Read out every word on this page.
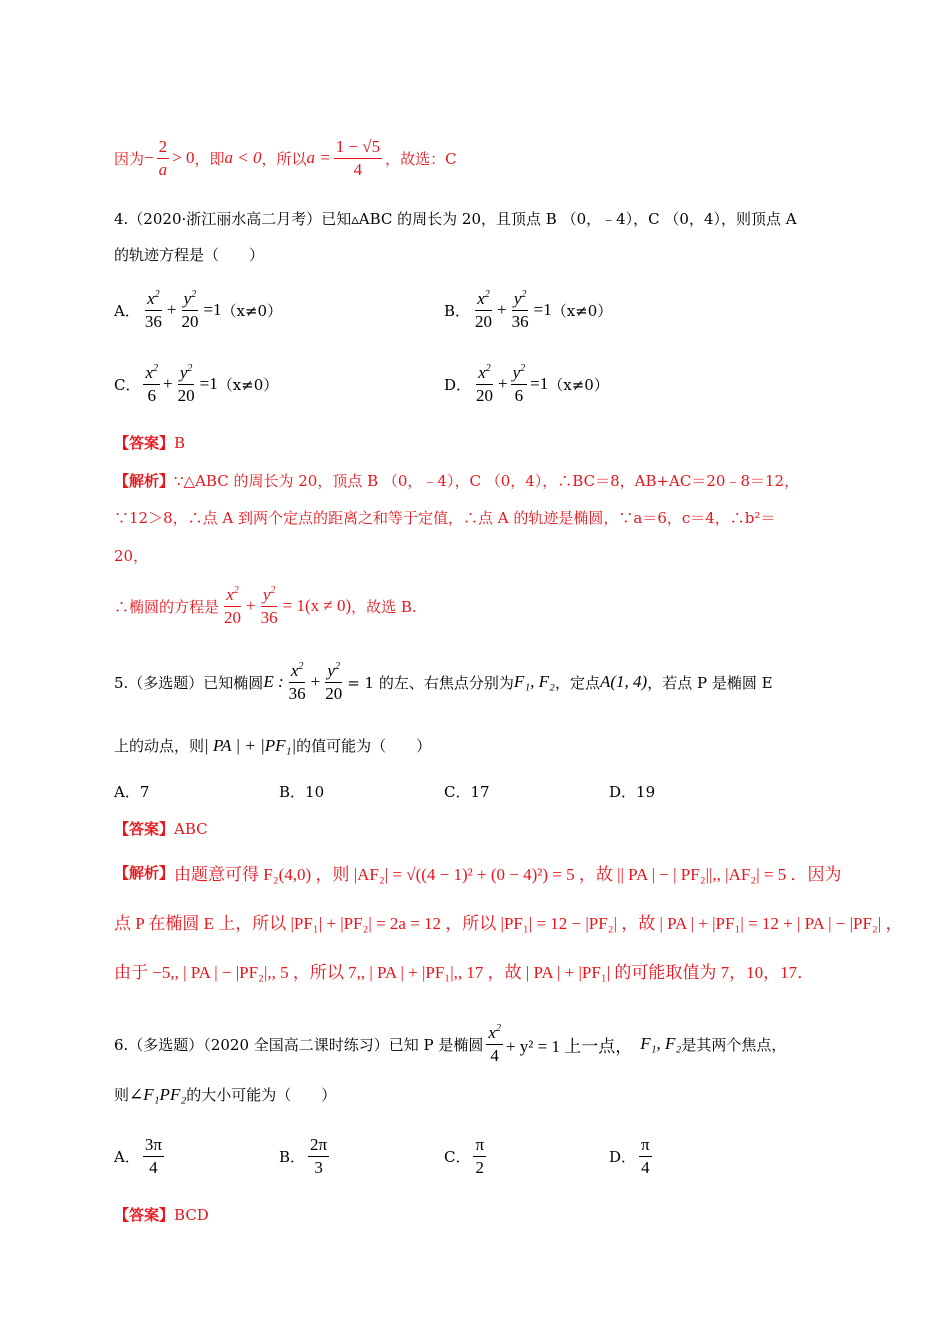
因为 − $\frac{2}{a} > 0$ ，即 a < 0 ，所以 $a = \frac{1 - √5}{4}$ ，故选：C
4.（2020·浙江丽水高二月考）已知▵ABC 的周长为 20，且顶点 B （0，﹣4），C （0，4），则顶点 A
的轨迹方程是（　　）
A． $\frac{x^2}{36} + \frac{y^2}{20} =1$ （x≠0）	B． $\frac{x^2}{20} + \frac{y^2}{36} =1$ （x≠0）
C． $\frac{x^2}{6} + \frac{y^2}{20} =1$ （x≠0）	D． $\frac{x^2}{20} + \frac{y^2}{6} =1$ （x≠0）
【答案】 B
【解析】 ∵△ABC 的周长为 20，顶点 B （0，﹣4），C （0，4），∴BC＝8，AB+AC＝20﹣8＝12，
∵12＞8，∴点 A 到两个定点的距离之和等于定值，∴点 A 的轨迹是椭圆，∵a＝6，c＝4，∴b²＝
20，
∴椭圆的方程是 $\frac{x^2}{20} + \frac{y^2}{36} = 1(x \ne 0)$ ，故选 B.
5.（多选题）已知椭圆 E : $\frac{x^2}{36} + \frac{y^2}{20} = 1$ 的左、右焦点分别为 F₁, F₂ ，定点 A(1, 4) ，若点 P 是椭圆 E
上的动点，则 | PA | + |PF₁| 的值可能为（　　）
A．7	B．10	C．17	D．19
【答案】 ABC
【解析】 由题意可得 F₂(4,0) ，则 |AF₂| = √((4 − 1)² + (0 − 4)²) = 5 ，故 || PA | − | PF₂||,, |AF₂| = 5 ．因为
点 P 在椭圆 E 上，所以 |PF₁| + |PF₂| = 2a = 12 ，所以 |PF₁| = 12 − |PF₂| ，故 | PA | + |PF₁| = 12 + | PA | − |PF₂| ，
由于 −5,, | PA | − |PF₂|,, 5 ，所以 7,, | PA | + |PF₁|,, 17 ，故 | PA | + |PF₁| 的可能取值为 7，10，17．
6.（多选题）（2020 全国高二课时练习）已知 P 是椭圆 $\frac{x^2}{4} + y^2 = 1$ 上一点， F₁, F₂ 是其两个焦点，
则 ∠F₁PF₂ 的大小可能为（　　）
A． $\frac{3\pi}{4}$	B． $\frac{2\pi}{3}$	C． $\frac{\pi}{2}$	D． $\frac{\pi}{4}$
【答案】 BCD
